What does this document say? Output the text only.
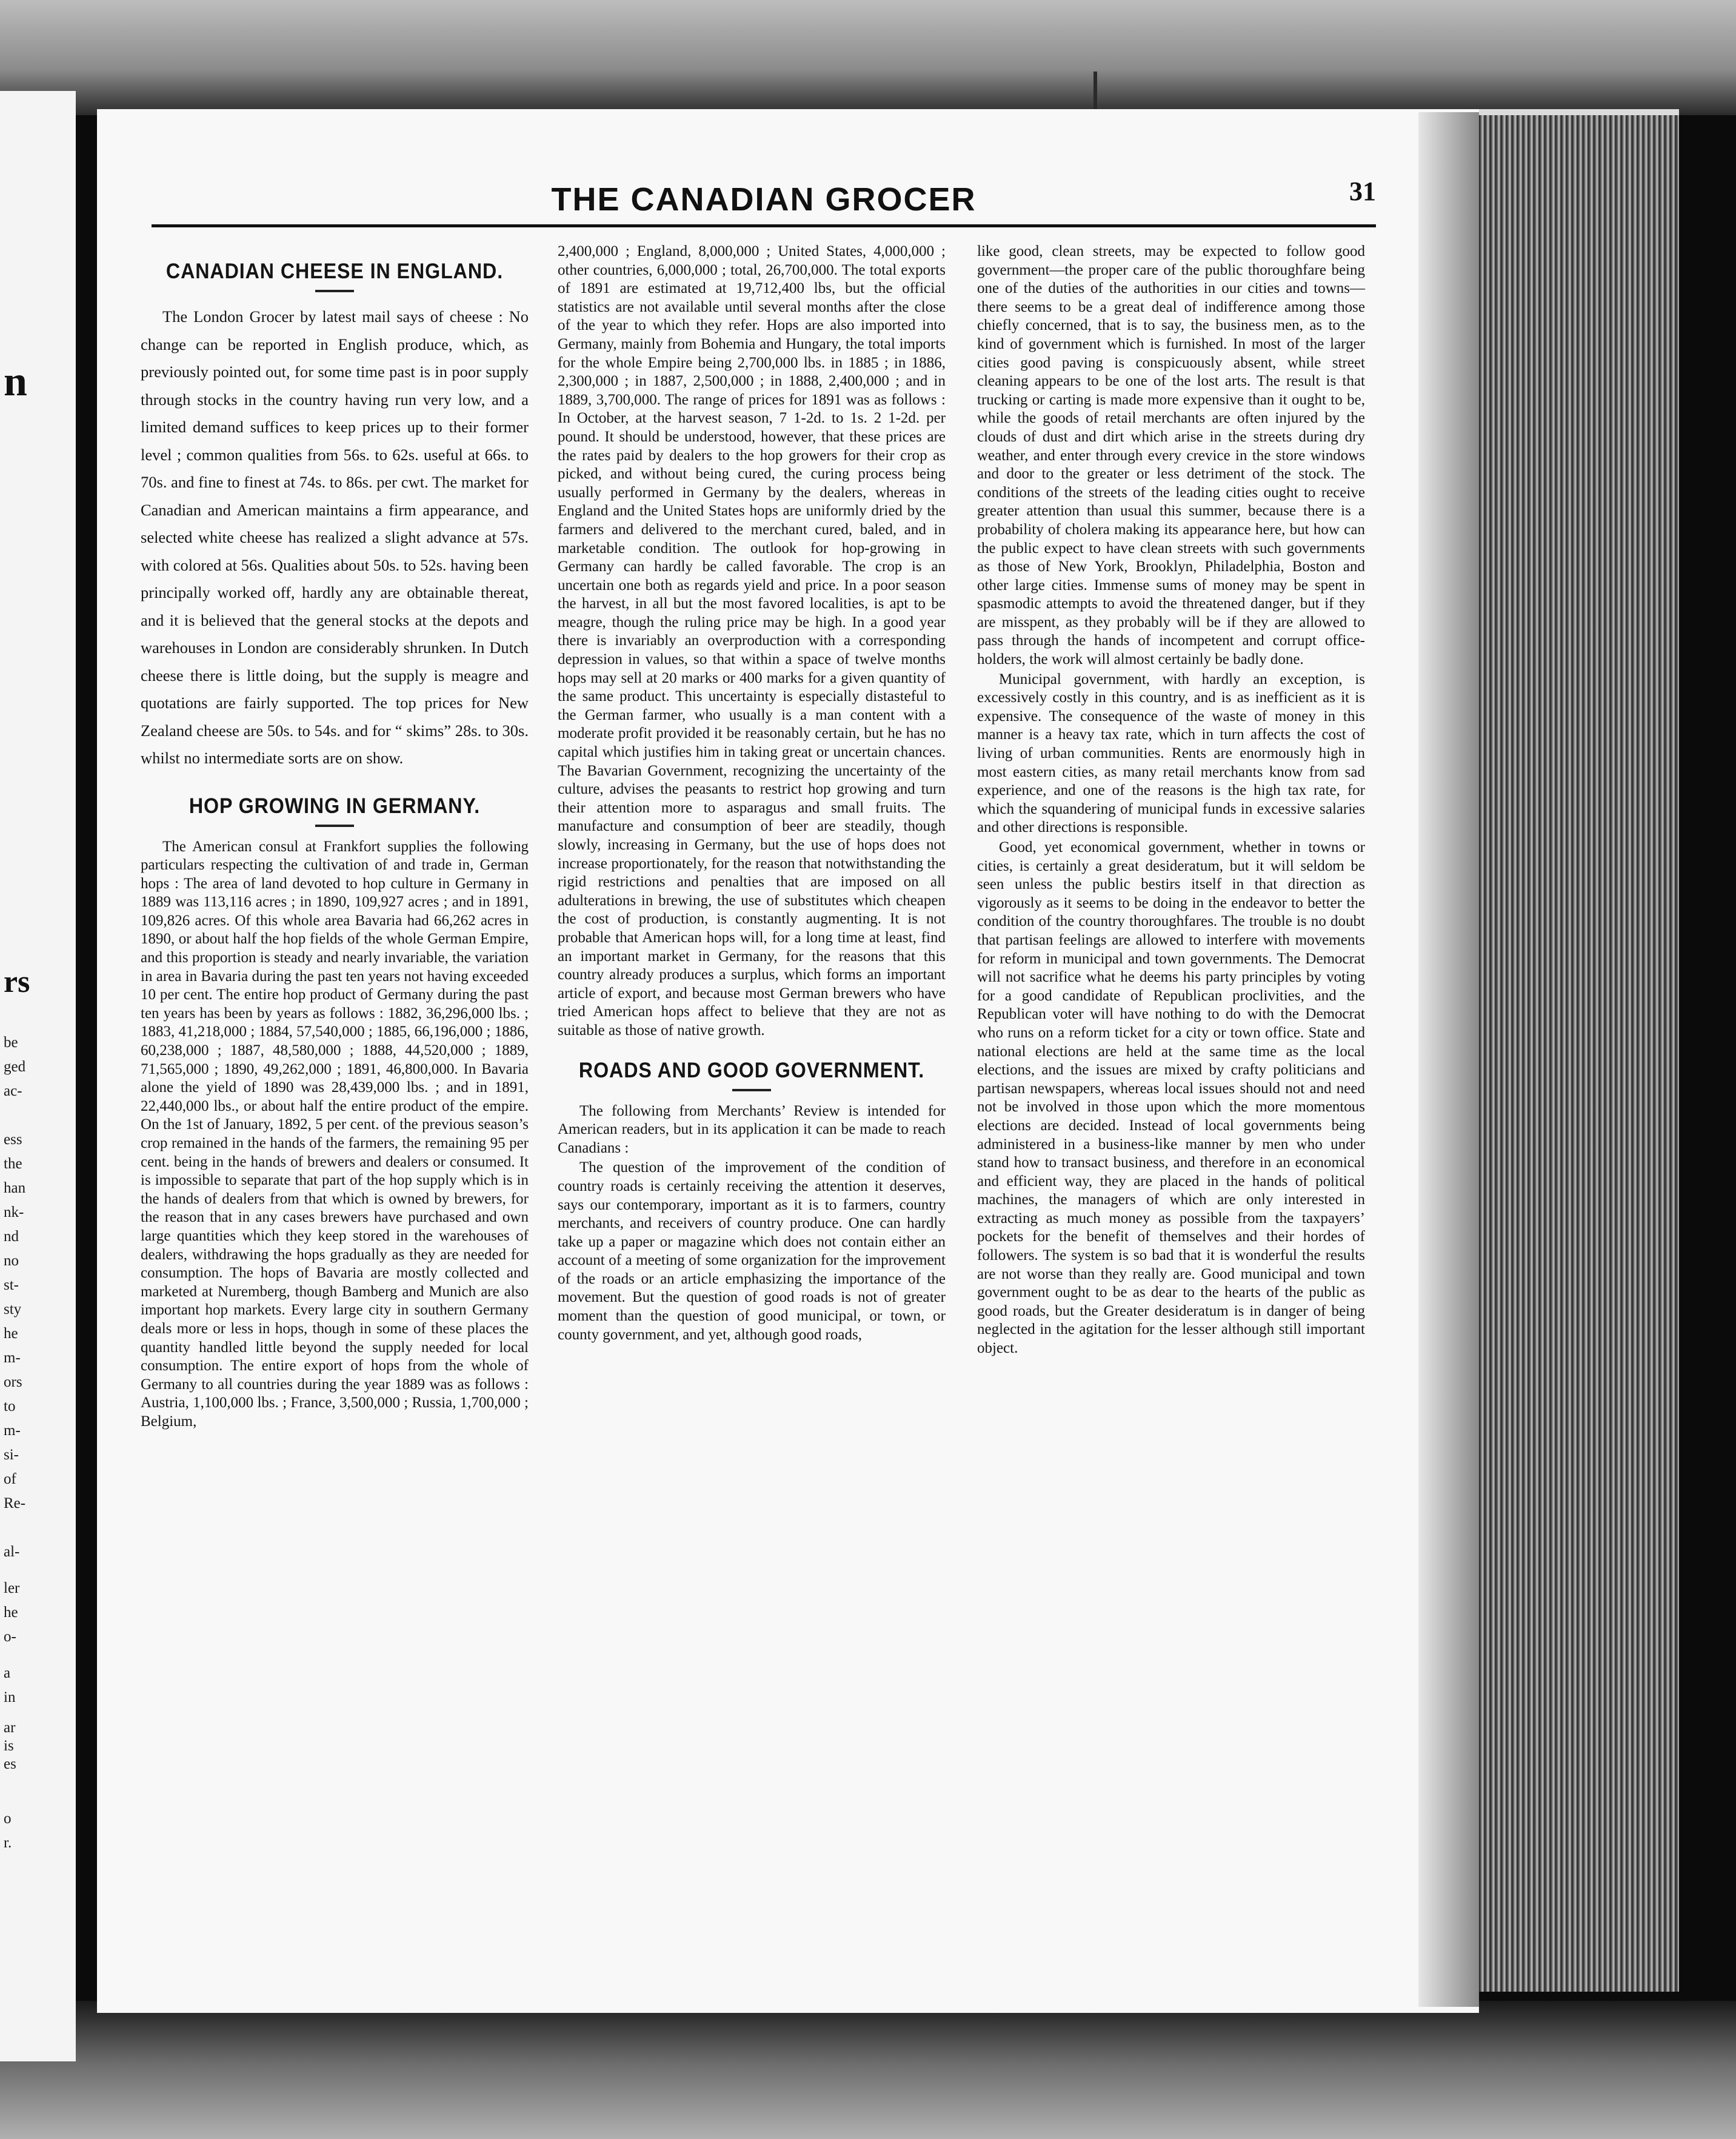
n
rs
be
ged
ac-
ess
the
han
nk-
nd
no
st-
sty
he
m-
ors
to
m-
si-
of
Re-
al-
ler
he
o-
a
in
ar
is
es
o
r.
THE CANADIAN GROCER	31
CANADIAN CHEESE IN ENGLAND.

The London Grocer by latest mail says of cheese : No change can be reported in English produce, which, as previously pointed out, for some time past is in poor supply through stocks in the country having run very low, and a limited demand suffices to keep prices up to their former level ; common qualities from 56s. to 62s. useful at 66s. to 70s. and fine to finest at 74s. to 86s. per cwt. The market for Canadian and American maintains a firm appearance, and selected white cheese has realized a slight advance at 57s. with colored at 56s. Qualities about 50s. to 52s. having been principally worked off, hardly any are obtainable thereat, and it is believed that the general stocks at the depots and warehouses in London are considerably shrunken. In Dutch cheese there is little doing, but the supply is meagre and quotations are fairly supported. The top prices for New Zealand cheese are 50s. to 54s. and for “ skims” 28s. to 30s. whilst no intermediate sorts are on show.

HOP GROWING IN GERMANY.

The American consul at Frankfort supplies the following particulars respecting the cultivation of and trade in, German hops : The area of land devoted to hop culture in Germany in 1889 was 113,116 acres ; in 1890, 109,927 acres ; and in 1891, 109,826 acres. Of this whole area Bavaria had 66,262 acres in 1890, or about half the hop fields of the whole German Empire, and this proportion is steady and nearly invariable, the variation in area in Bavaria during the past ten years not having exceeded 10 per cent. The entire hop product of Germany during the past ten years has been by years as follows : 1882, 36,296,000 lbs. ; 1883, 41,218,000 ; 1884, 57,540,000 ; 1885, 66,196,000 ; 1886, 60,238,000 ; 1887, 48,580,000 ; 1888, 44,520,000 ; 1889, 71,565,000 ; 1890, 49,262,000 ; 1891, 46,800,000. In Bavaria alone the yield of 1890 was 28,439,000 lbs. ; and in 1891, 22,440,000 lbs., or about half the entire product of the empire. On the 1st of January, 1892, 5 per cent. of the previous season’s crop remained in the hands of the farmers, the remaining 95 per cent. being in the hands of brewers and dealers or consumed. It is impossible to separate that part of the hop supply which is in the hands of dealers from that which is owned by brewers, for the reason that in any cases brewers have purchased and own large quantities which they keep stored in the warehouses of dealers, withdrawing the hops gradually as they are needed for consumption. The hops of Bavaria are mostly collected and marketed at Nuremberg, though Bamberg and Munich are also important hop markets. Every large city in southern Germany deals more or less in hops, though in some of these places the quantity handled little beyond the supply needed for local consumption. The entire export of hops from the whole of Germany to all countries during the year 1889 was as follows : Austria, 1,100,000 lbs. ; France, 3,500,000 ; Russia, 1,700,000 ; Belgium,

2,400,000 ; England, 8,000,000 ; United States, 4,000,000 ; other countries, 6,000,000 ; total, 26,700,000. The total exports of 1891 are estimated at 19,712,400 lbs, but the official statistics are not available until several months after the close of the year to which they refer. Hops are also imported into Germany, mainly from Bohemia and Hungary, the total imports for the whole Empire being 2,700,000 lbs. in 1885 ; in 1886, 2,300,000 ; in 1887, 2,500,000 ; in 1888, 2,400,000 ; and in 1889, 3,700,000. The range of prices for 1891 was as follows : In October, at the harvest season, 7 1-2d. to 1s. 2 1-2d. per pound. It should be understood, however, that these prices are the rates paid by dealers to the hop growers for their crop as picked, and without being cured, the curing process being usually performed in Germany by the dealers, whereas in England and the United States hops are uniformly dried by the farmers and delivered to the merchant cured, baled, and in marketable condition. The outlook for hop-growing in Germany can hardly be called favorable. The crop is an uncertain one both as regards yield and price. In a poor season the harvest, in all but the most favored localities, is apt to be meagre, though the ruling price may be high. In a good year there is invariably an overproduction with a corresponding depression in values, so that within a space of twelve months hops may sell at 20 marks or 400 marks for a given quantity of the same product. This uncertainty is especially distasteful to the German farmer, who usually is a man content with a moderate profit provided it be reasonably certain, but he has no capital which justifies him in taking great or uncertain chances. The Bavarian Government, recognizing the uncertainty of the culture, advises the peasants to restrict hop growing and turn their attention more to asparagus and small fruits. The manufacture and consumption of beer are steadily, though slowly, increasing in Germany, but the use of hops does not increase proportionately, for the reason that notwithstanding the rigid restrictions and penalties that are imposed on all adulterations in brewing, the use of substitutes which cheapen the cost of production, is constantly augmenting. It is not probable that American hops will, for a long time at least, find an important market in Germany, for the reasons that this country already produces a surplus, which forms an important article of export, and because most German brewers who have tried American hops affect to believe that they are not as suitable as those of native growth.

ROADS AND GOOD GOVERNMENT.

The following from Merchants’ Review is intended for American readers, but in its application it can be made to reach Canadians :

The question of the improvement of the condition of country roads is certainly receiving the attention it deserves, says our contemporary, important as it is to farmers, country merchants, and receivers of country produce. One can hardly take up a paper or magazine which does not contain either an account of a meeting of some organization for the improvement of the roads or an article emphasizing the importance of the movement. But the question of good roads is not of greater moment than the question of good municipal, or town, or county government, and yet, although good roads,

like good, clean streets, may be expected to follow good government—the proper care of the public thoroughfare being one of the duties of the authorities in our cities and towns—there seems to be a great deal of indifference among those chiefly concerned, that is to say, the business men, as to the kind of government which is furnished. In most of the larger cities good paving is conspicuously absent, while street cleaning appears to be one of the lost arts. The result is that trucking or carting is made more expensive than it ought to be, while the goods of retail merchants are often injured by the clouds of dust and dirt which arise in the streets during dry weather, and enter through every crevice in the store windows and door to the greater or less detriment of the stock. The conditions of the streets of the leading cities ought to receive greater attention than usual this summer, because there is a probability of cholera making its appearance here, but how can the public expect to have clean streets with such governments as those of New York, Brooklyn, Philadelphia, Boston and other large cities. Immense sums of money may be spent in spasmodic attempts to avoid the threatened danger, but if they are misspent, as they probably will be if they are allowed to pass through the hands of incompetent and corrupt office-holders, the work will almost certainly be badly done.

Municipal government, with hardly an exception, is excessively costly in this country, and is as inefficient as it is expensive. The consequence of the waste of money in this manner is a heavy tax rate, which in turn affects the cost of living of urban communities. Rents are enormously high in most eastern cities, as many retail merchants know from sad experience, and one of the reasons is the high tax rate, for which the squandering of municipal funds in excessive salaries and other directions is responsible.

Good, yet economical government, whether in towns or cities, is certainly a great desideratum, but it will seldom be seen unless the public bestirs itself in that direction as vigorously as it seems to be doing in the endeavor to better the condition of the country thoroughfares. The trouble is no doubt that partisan feelings are allowed to interfere with movements for reform in municipal and town governments. The Democrat will not sacrifice what he deems his party principles by voting for a good candidate of Republican proclivities, and the Republican voter will have nothing to do with the Democrat who runs on a reform ticket for a city or town office. State and national elections are held at the same time as the local elections, and the issues are mixed by crafty politicians and partisan newspapers, whereas local issues should not and need not be involved in those upon which the more momentous elections are decided. Instead of local governments being administered in a business-like manner by men who under stand how to transact business, and therefore in an economical and efficient way, they are placed in the hands of political machines, the managers of which are only interested in extracting as much money as possible from the taxpayers’ pockets for the benefit of themselves and their hordes of followers. The system is so bad that it is wonderful the results are not worse than they really are. Good municipal and town government ought to be as dear to the hearts of the public as good roads, but the Greater desideratum is in danger of being neglected in the agitation for the lesser although still important object.
